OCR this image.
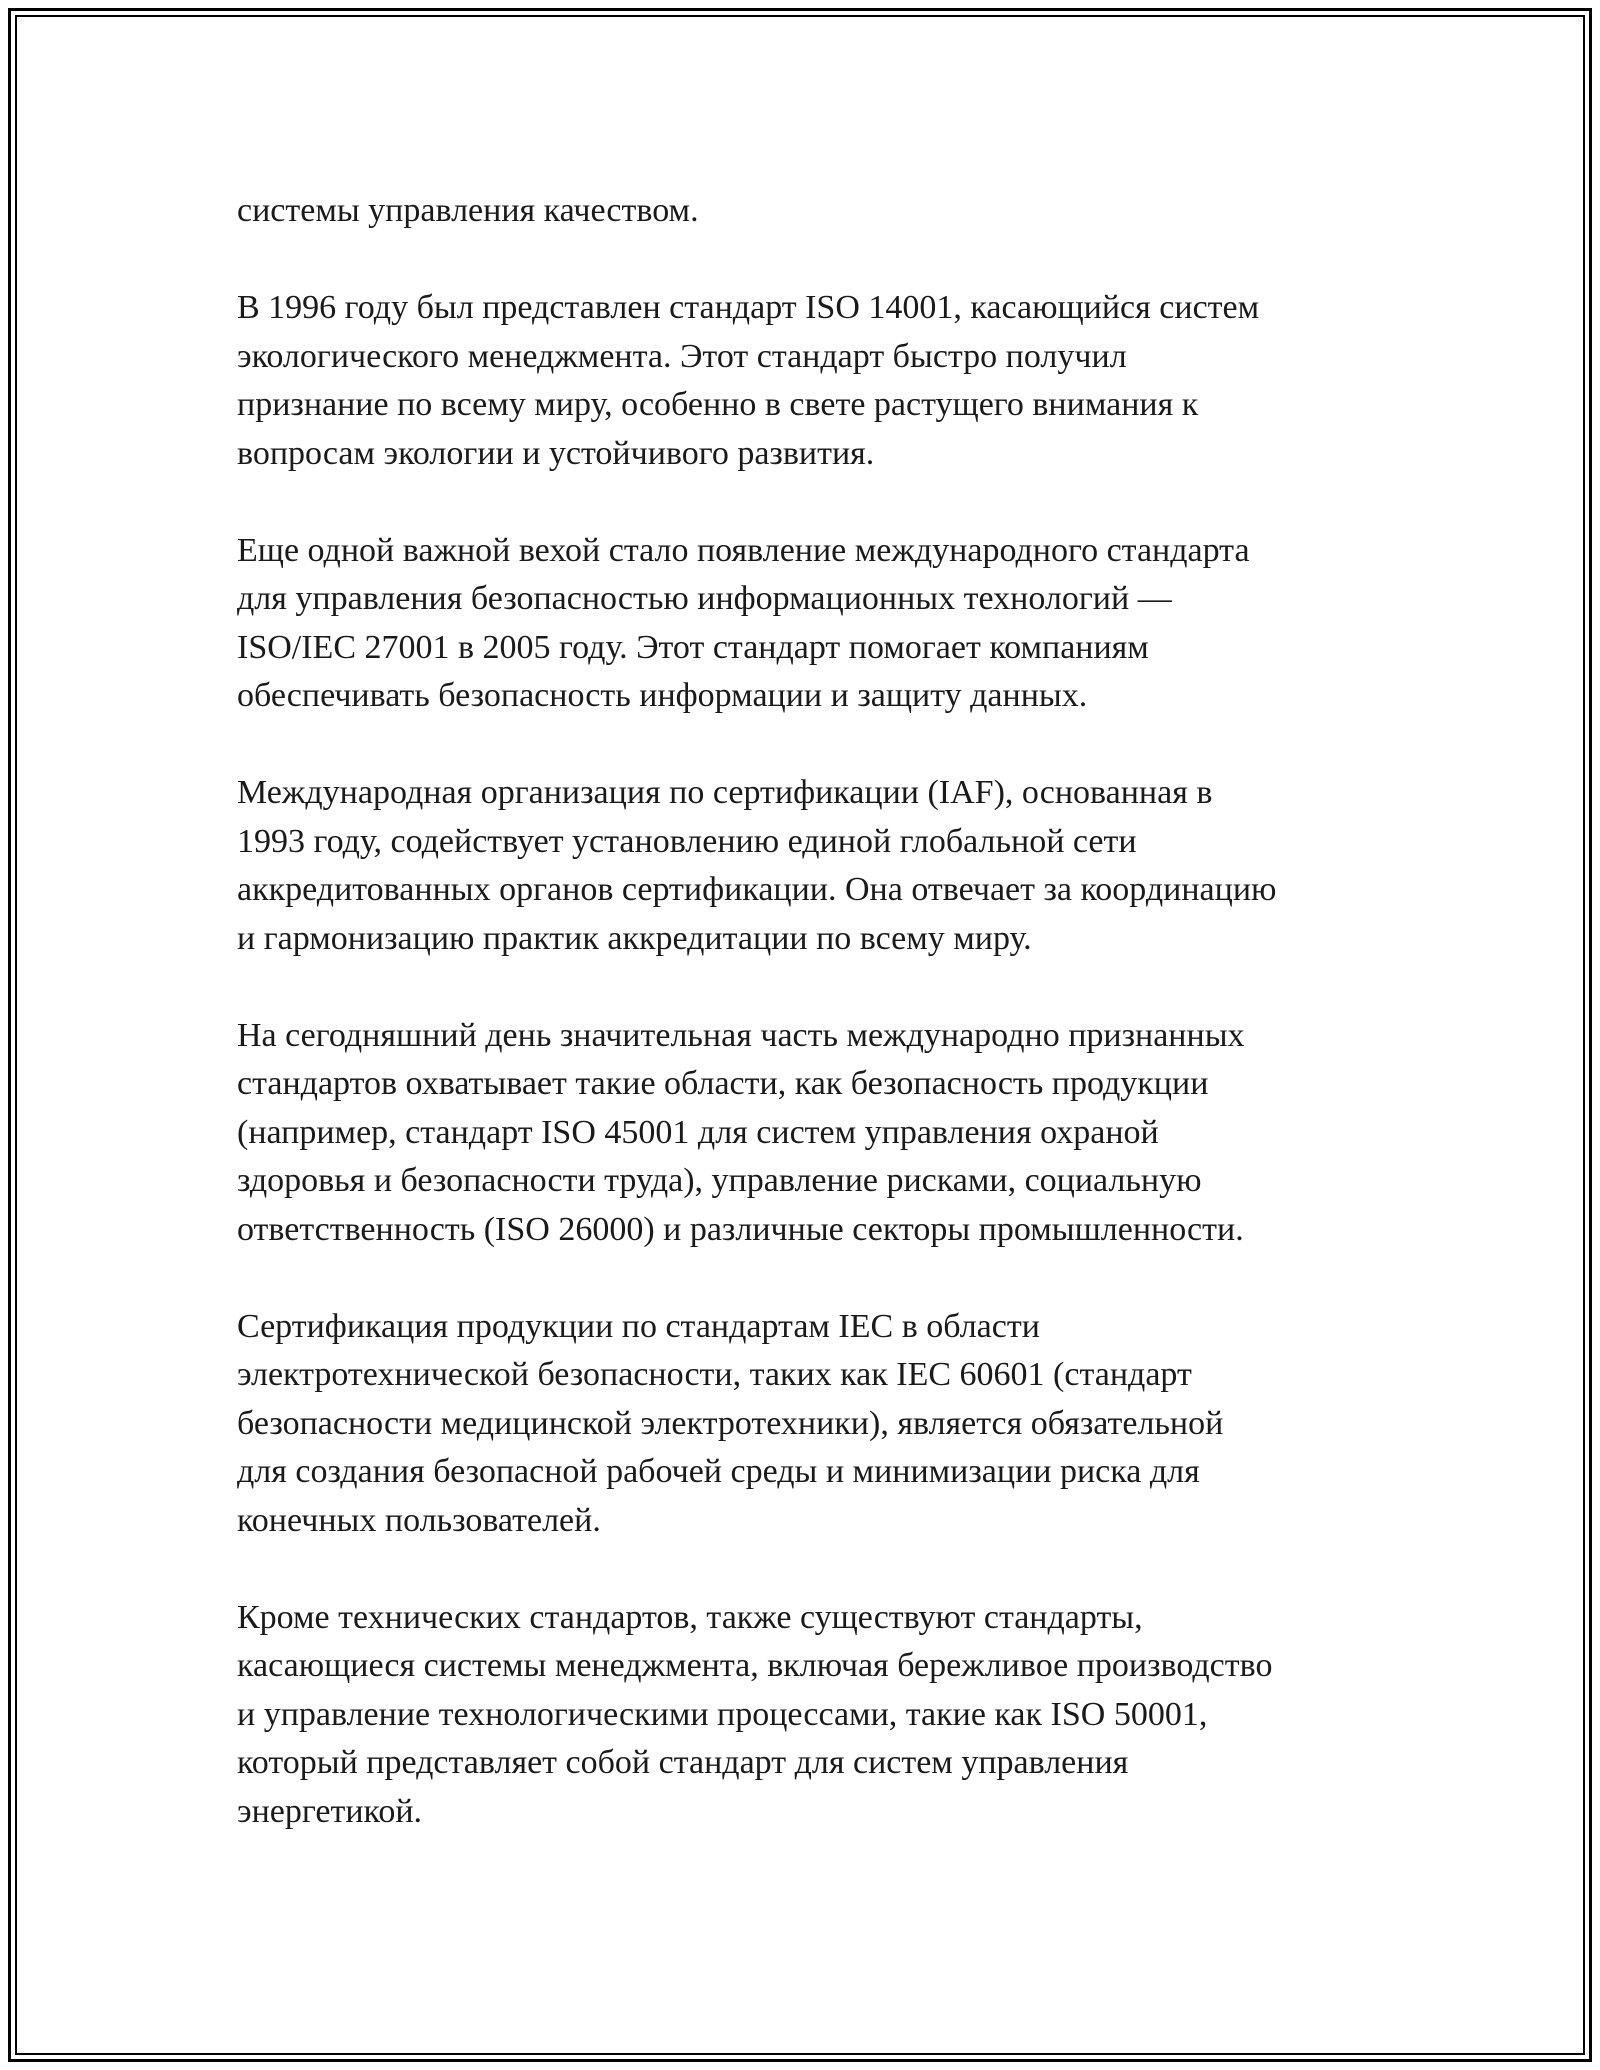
системы управления качеством.

В 1996 году был представлен стандарт ISO 14001, касающийся систем
экологического менеджмента. Этот стандарт быстро получил
признание по всему миру, особенно в свете растущего внимания к
вопросам экологии и устойчивого развития.

Еще одной важной вехой стало появление международного стандарта
для управления безопасностью информационных технологий —
ISO/IEC 27001 в 2005 году. Этот стандарт помогает компаниям
обеспечивать безопасность информации и защиту данных.

Международная организация по сертификации (IAF), основанная в
1993 году, содействует установлению единой глобальной сети
аккредитованных органов сертификации. Она отвечает за координацию
и гармонизацию практик аккредитации по всему миру.

На сегодняшний день значительная часть международно признанных
стандартов охватывает такие области, как безопасность продукции
(например, стандарт ISO 45001 для систем управления охраной
здоровья и безопасности труда), управление рисками, социальную
ответственность (ISO 26000) и различные секторы промышленности.

Сертификация продукции по стандартам IEC в области
электротехнической безопасности, таких как IEC 60601 (стандарт
безопасности медицинской электротехники), является обязательной
для создания безопасной рабочей среды и минимизации риска для
конечных пользователей.

Кроме технических стандартов, также существуют стандарты,
касающиеся системы менеджмента, включая бережливое производство
и управление технологическими процессами, такие как ISO 50001,
который представляет собой стандарт для систем управления
энергетикой.
